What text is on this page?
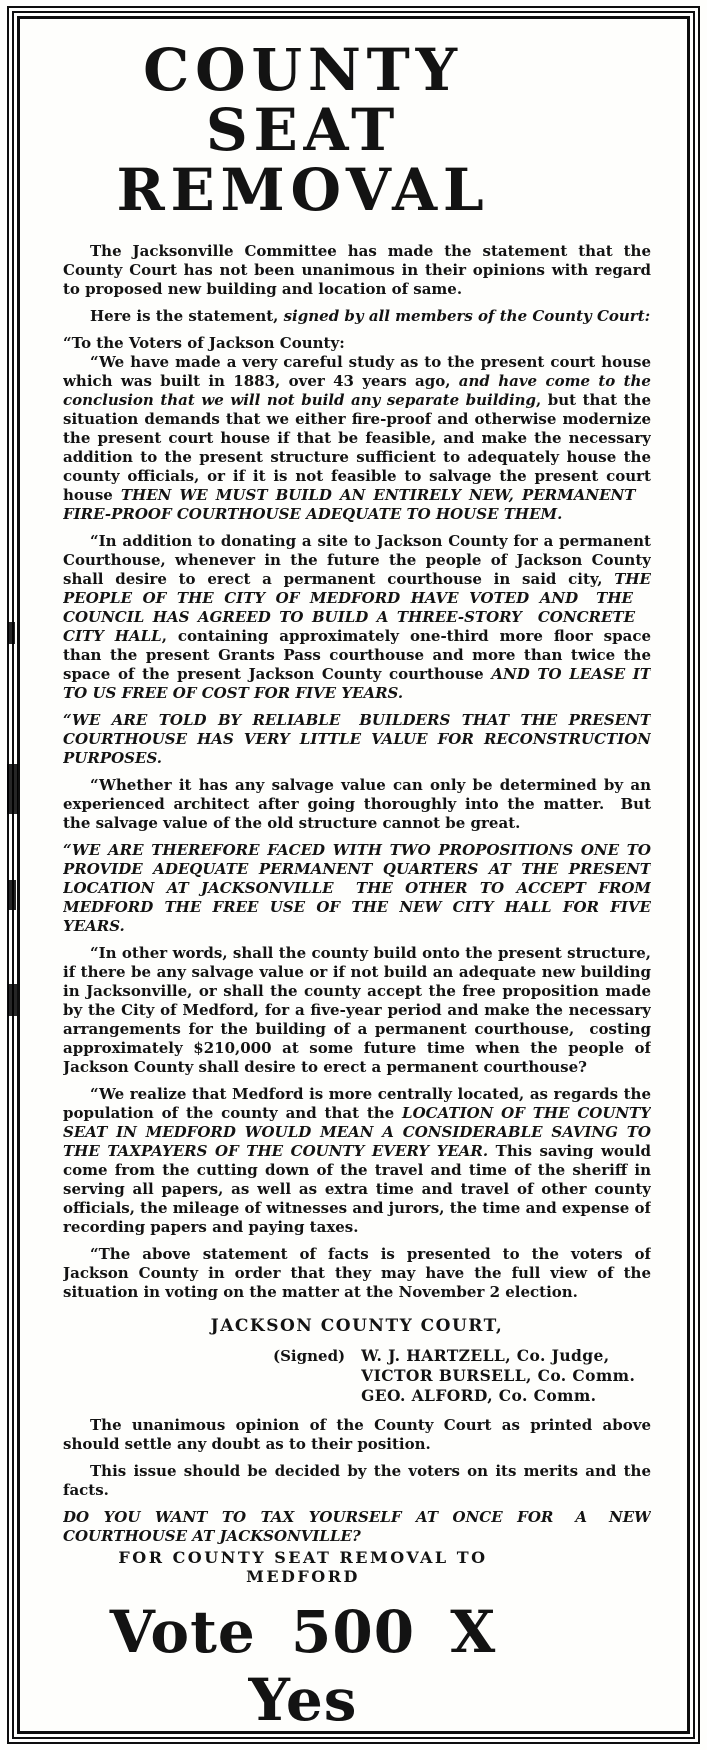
COUNTY
SEAT
REMOVAL

The Jacksonville Committee has made the statement that the County Court has not been unanimous in their opinions with regard to proposed new building and location of same.

Here is the statement, signed by all members of the County Court:

“To the Voters of Jackson County:

“We have made a very careful study as to the present court house which was built in 1883, over 43 years ago, and have come to the conclusion that we will not build any separate building, but that the situation demands that we either fire-proof and otherwise modernize the present court house if that be feasible, and make the necessary addition to the present structure sufficient to adequately house the county officials, or if it is not feasible to salvage the present court house THEN WE MUST BUILD AN ENTIRELY NEW, PERMANENT  FIRE-PROOF COURTHOUSE ADEQUATE TO HOUSE THEM.

“In addition to donating a site to Jackson County for a permanent Courthouse, whenever in the future the people of Jackson County shall desire to erect a permanent courthouse in said city, THE PEOPLE OF THE CITY OF MEDFORD HAVE VOTED AND  THE  COUNCIL HAS AGREED TO BUILD A THREE-STORY  CONCRETE  CITY HALL, containing approximately one-third more floor space than the present Grants Pass courthouse and more than twice the space of the present Jackson County courthouse AND TO LEASE IT TO US FREE OF COST FOR FIVE YEARS.

“WE ARE TOLD BY RELIABLE  BUILDERS THAT THE PRESENT COURTHOUSE HAS VERY LITTLE VALUE FOR RECONSTRUCTION PURPOSES.

“Whether it has any salvage value can only be determined by an experienced architect after going thoroughly into the matter.  But the salvage value of the old structure cannot be great.

“WE ARE THEREFORE FACED WITH TWO PROPOSITIONS ONE TO PROVIDE ADEQUATE PERMANENT QUARTERS AT THE PRESENT LOCATION AT JACKSONVILLE  THE OTHER TO ACCEPT FROM MEDFORD THE FREE USE OF THE NEW CITY HALL FOR FIVE YEARS.

“In other words, shall the county build onto the present structure, if there be any salvage value or if not build an adequate new building in Jacksonville, or shall the county accept the free proposition made by the City of Medford, for a five-year period and make the necessary arrangements for the building of a permanent courthouse,  costing approximately $210,000 at some future time when the people of Jackson County shall desire to erect a permanent courthouse?

“We realize that Medford is more centrally located, as regards the population of the county and that the LOCATION OF THE COUNTY SEAT IN MEDFORD WOULD MEAN A CONSIDERABLE SAVING TO THE TAXPAYERS OF THE COUNTY EVERY YEAR. This saving would come from the cutting down of the travel and time of the sheriff in serving all papers, as well as extra time and travel of other county officials, the mileage of witnesses and jurors, the time and expense of recording papers and paying taxes.

“The above statement of facts is presented to the voters of Jackson County in order that they may have the full view of the situation in voting on the matter at the November 2 election.

JACKSON COUNTY COURT,
(Signed) W. J. HARTZELL, Co. Judge,
VICTOR BURSELL, Co. Comm.
GEO. ALFORD, Co. Comm.

The unanimous opinion of the County Court as printed above should settle any doubt as to their position.

This issue should be decided by the voters on its merits and the facts.

DO YOU WANT TO TAX YOURSELF AT ONCE FOR  A  NEW COURTHOUSE AT JACKSONVILLE?

FOR COUNTY SEAT REMOVAL TO MEDFORD
Vote 500 X Yes
